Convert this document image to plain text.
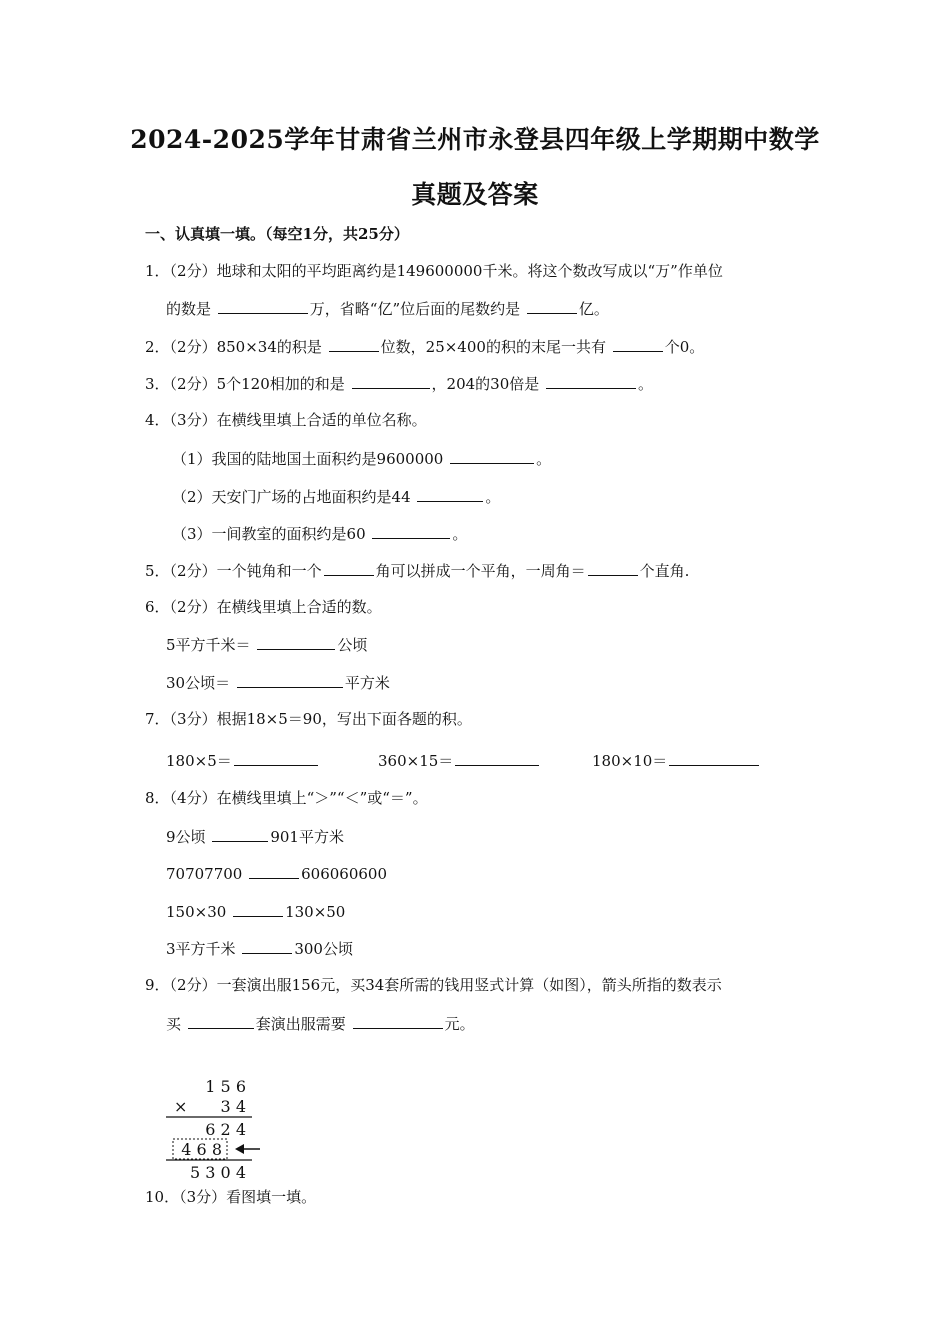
2024-2025学年甘肃省兰州市永登县四年级上学期期中数学
真题及答案
一、认真填一填。（每空1分，共25分）
1．（2分）地球和太阳的平均距离约是149600000千米。将这个数改写成以“万”作单位
的数是	万，省略“亿”位后面的尾数约是	亿。
2．（2分）850×34的积是	位数，25×400的积的末尾一共有	个0。
3．（2分）5个120相加的和是	，204的30倍是	。
4．（3分）在横线里填上合适的单位名称。
（1）我国的陆地国土面积约是9600000	。
（2）天安门广场的占地面积约是44	。
（3）一间教室的面积约是60	。
5．（2分）一个钝角和一个	角可以拼成一个平角，一周角＝	个直角.
6．（2分）在横线里填上合适的数。
5平方千米＝	公顷
30公顷＝	平方米
7．（3分）根据18×5＝90，写出下面各题的积。
180×5＝	360×15＝	180×10＝
8．（4分）在横线里填上“＞”“＜”或“＝”。
9公顷	901平方米
70707700	606060600
150×30	130×50
3平方千米	300公顷
9．（2分）一套演出服156元，买34套所需的钱用竖式计算（如图），箭头所指的数表示
买	套演出服需要	元。
1 5 6
× 3 4
6 2 4
4 6 8
5 3 0 4
10．（3分）看图填一填。
